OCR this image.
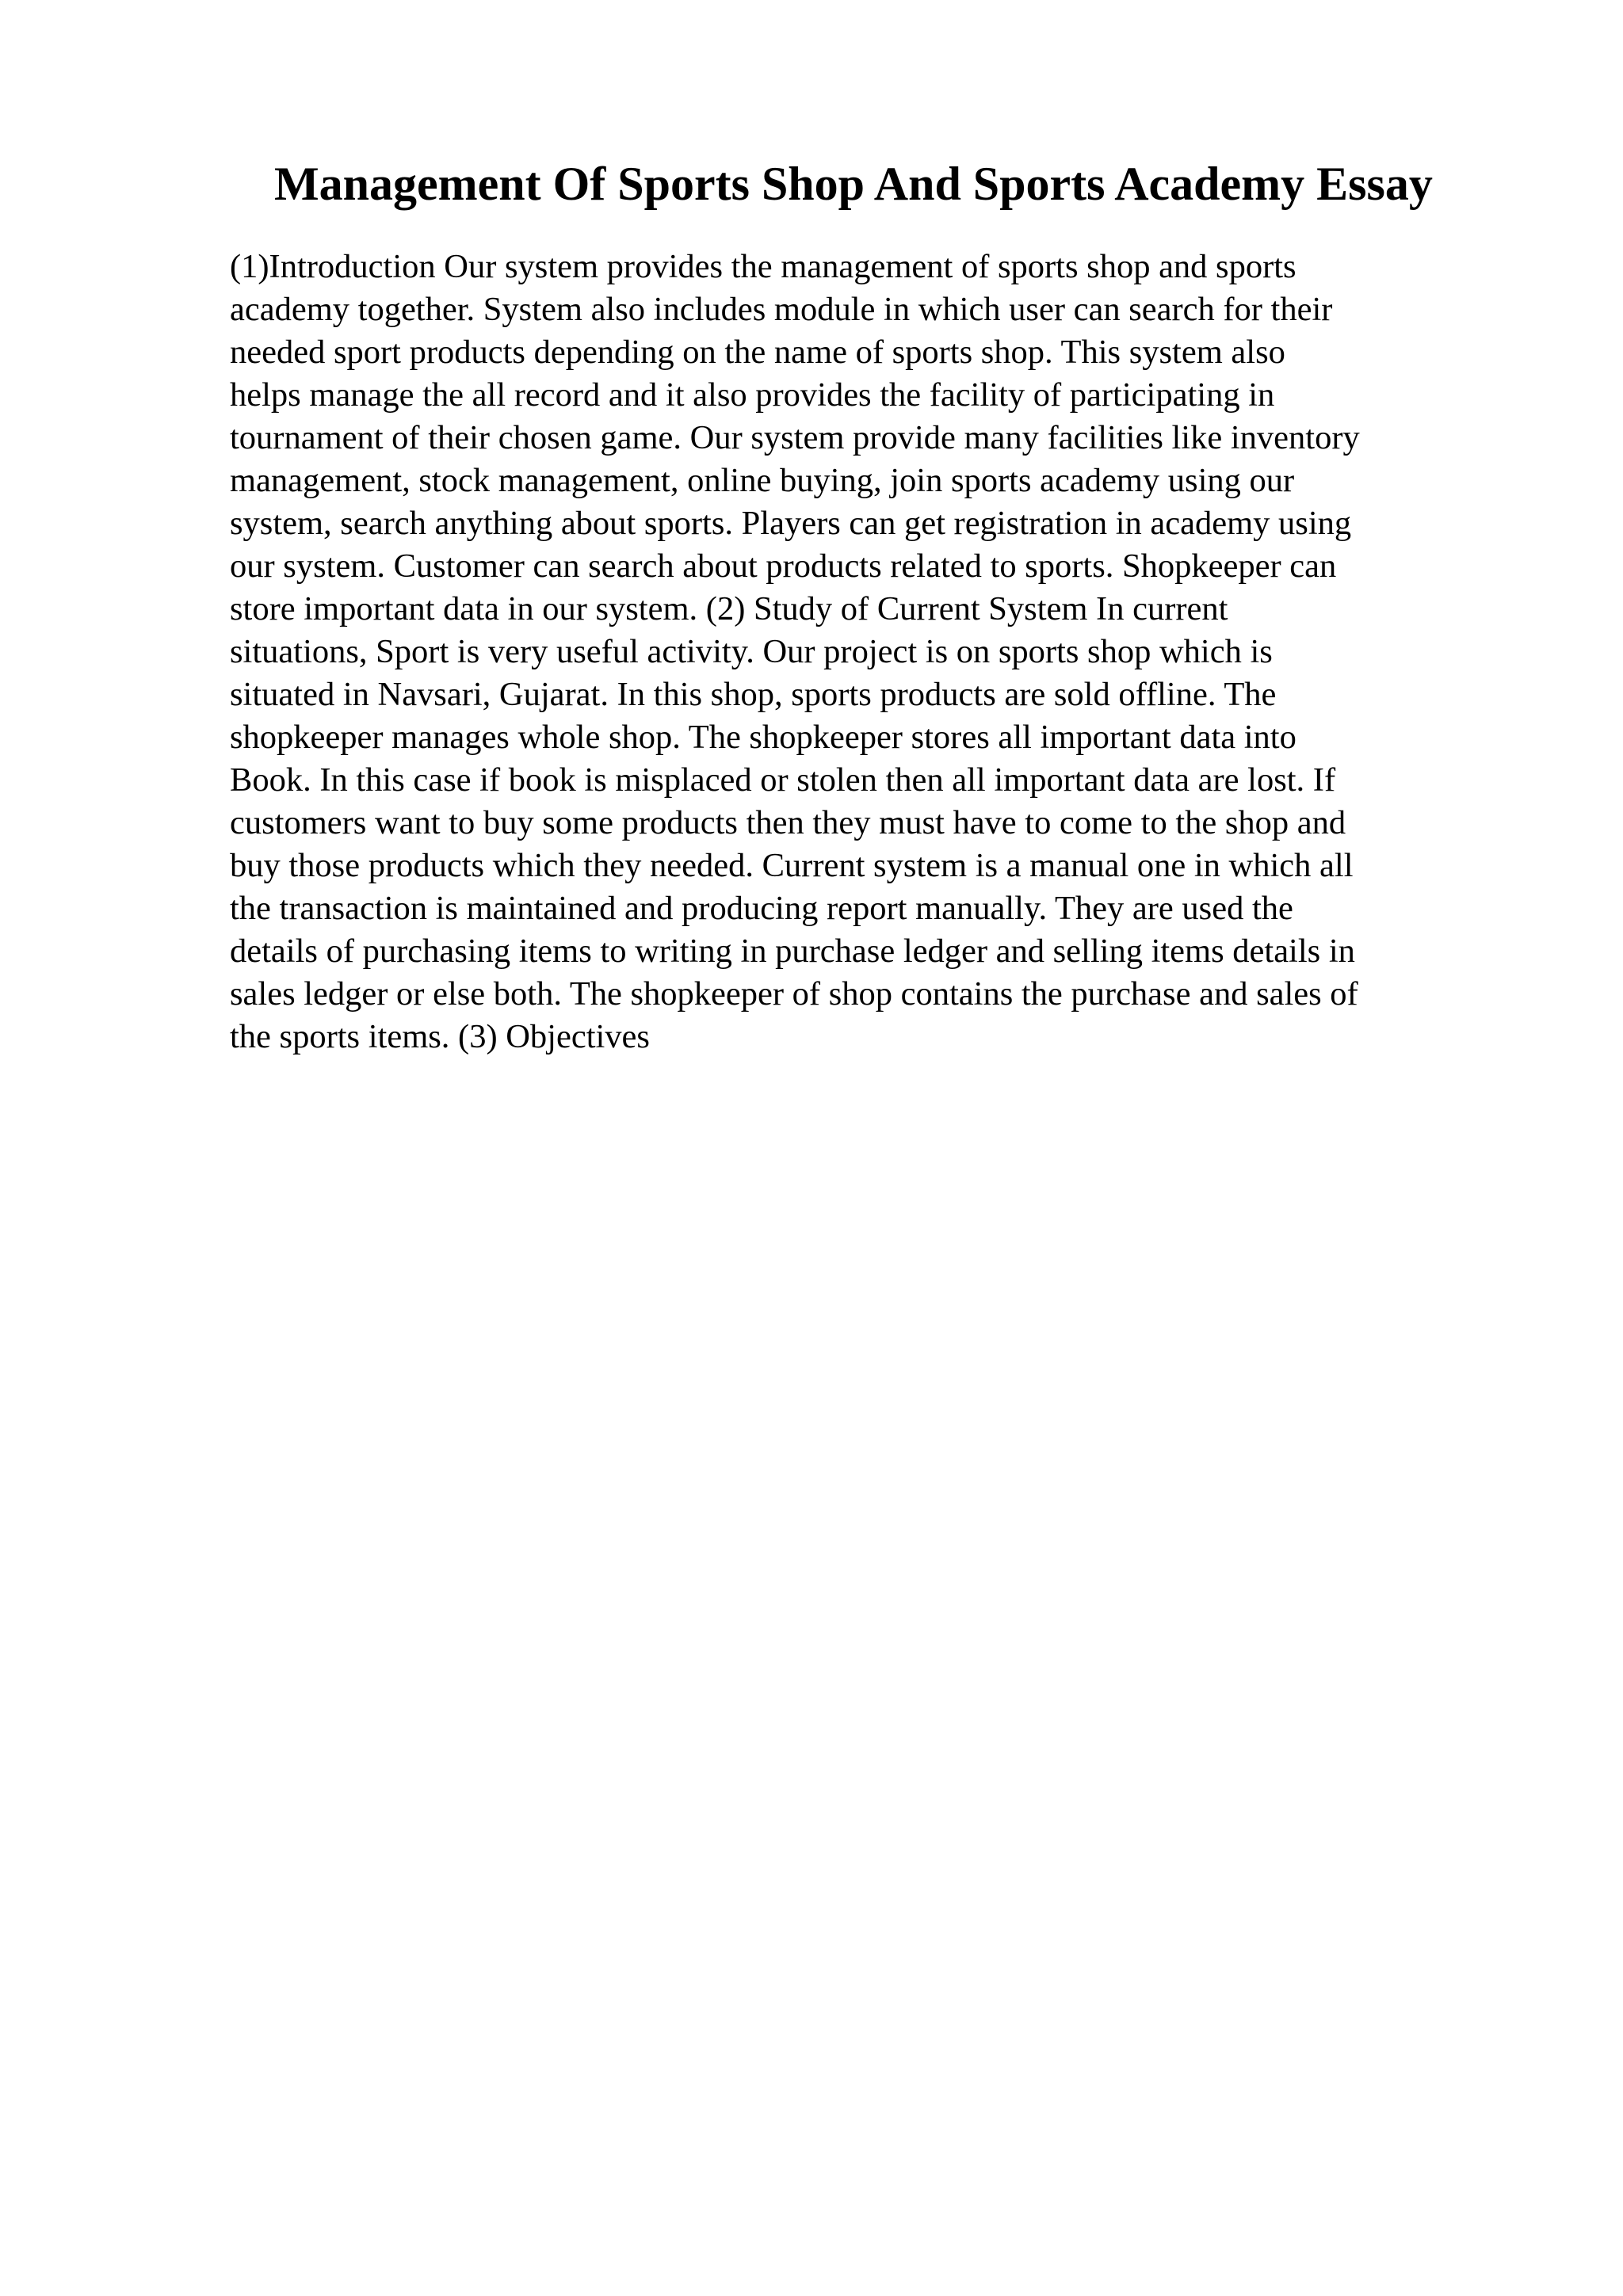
Management Of Sports Shop And Sports Academy Essay
(1)Introduction Our system provides the management of sports shop and sports
academy together. System also includes module in which user can search for their
needed sport products depending on the name of sports shop. This system also
helps manage the all record and it also provides the facility of participating in
tournament of their chosen game. Our system provide many facilities like inventory
management, stock management, online buying, join sports academy using our
system, search anything about sports. Players can get registration in academy using
our system. Customer can search about products related to sports. Shopkeeper can
store important data in our system. (2) Study of Current System In current
situations, Sport is very useful activity. Our project is on sports shop which is
situated in Navsari, Gujarat. In this shop, sports products are sold offline. The
shopkeeper manages whole shop. The shopkeeper stores all important data into
Book. In this case if book is misplaced or stolen then all important data are lost. If
customers want to buy some products then they must have to come to the shop and
buy those products which they needed. Current system is a manual one in which all
the transaction is maintained and producing report manually. They are used the
details of purchasing items to writing in purchase ledger and selling items details in
sales ledger or else both. The shopkeeper of shop contains the purchase and sales of
the sports items. (3) Objectives
